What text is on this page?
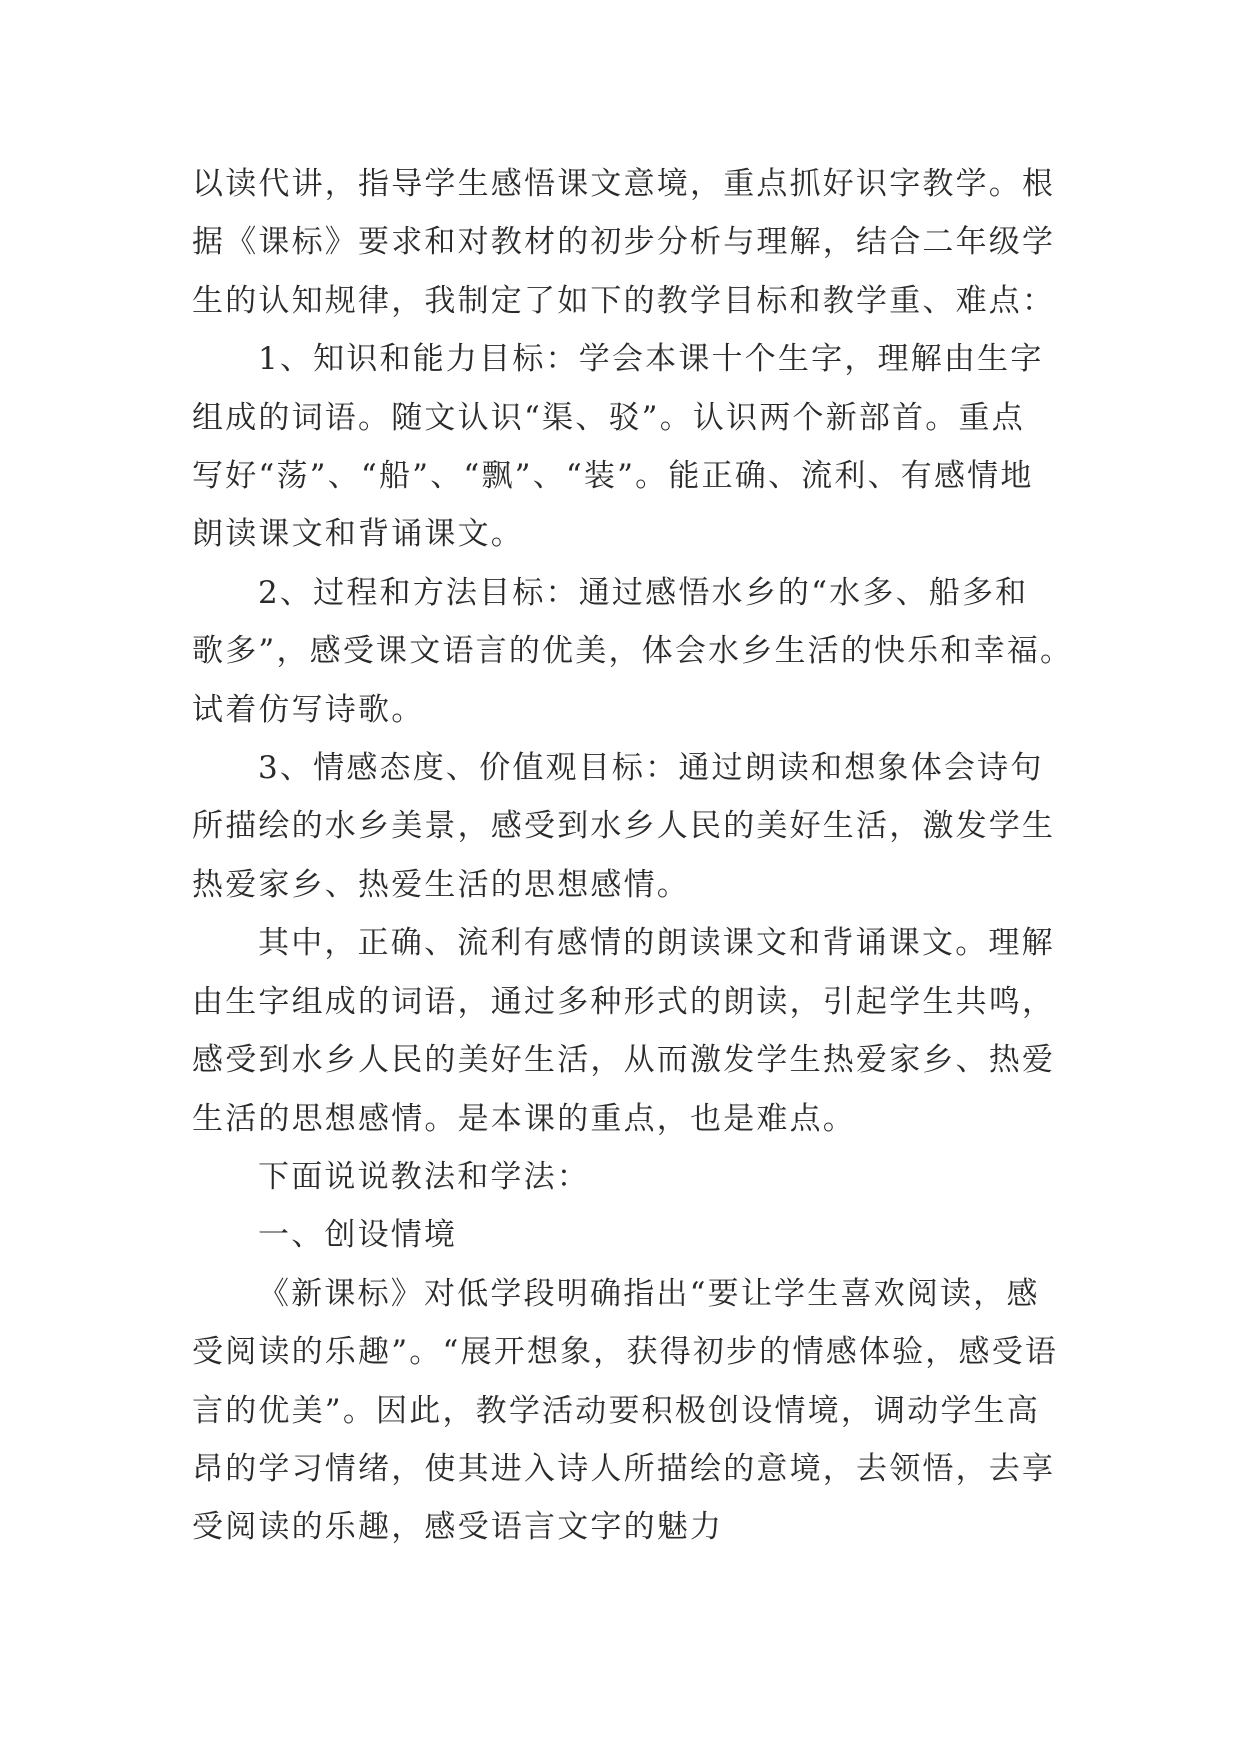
以读代讲，指导学生感悟课文意境，重点抓好识字教学。根
据《课标》要求和对教材的初步分析与理解，结合二年级学
生的认知规律，我制定了如下的教学目标和教学重、难点：

1、知识和能力目标：学会本课十个生字，理解由生字
组成的词语。随文认识“渠、驳”。认识两个新部首。重点
写好“荡”、“船”、“飘”、“装”。能正确、流利、有感情地
朗读课文和背诵课文。

2、过程和方法目标：通过感悟水乡的“水多、船多和
歌多”，感受课文语言的优美，体会水乡生活的快乐和幸福。
试着仿写诗歌。

3、情感态度、价值观目标：通过朗读和想象体会诗句
所描绘的水乡美景，感受到水乡人民的美好生活，激发学生
热爱家乡、热爱生活的思想感情。

其中，正确、流利有感情的朗读课文和背诵课文。理解
由生字组成的词语，通过多种形式的朗读，引起学生共鸣，
感受到水乡人民的美好生活，从而激发学生热爱家乡、热爱
生活的思想感情。是本课的重点，也是难点。

下面说说教法和学法：

一、创设情境

《新课标》对低学段明确指出“要让学生喜欢阅读，感
受阅读的乐趣”。“展开想象，获得初步的情感体验，感受语
言的优美”。因此，教学活动要积极创设情境，调动学生高
昂的学习情绪，使其进入诗人所描绘的意境，去领悟，去享
受阅读的乐趣，感受语言文字的魅力
